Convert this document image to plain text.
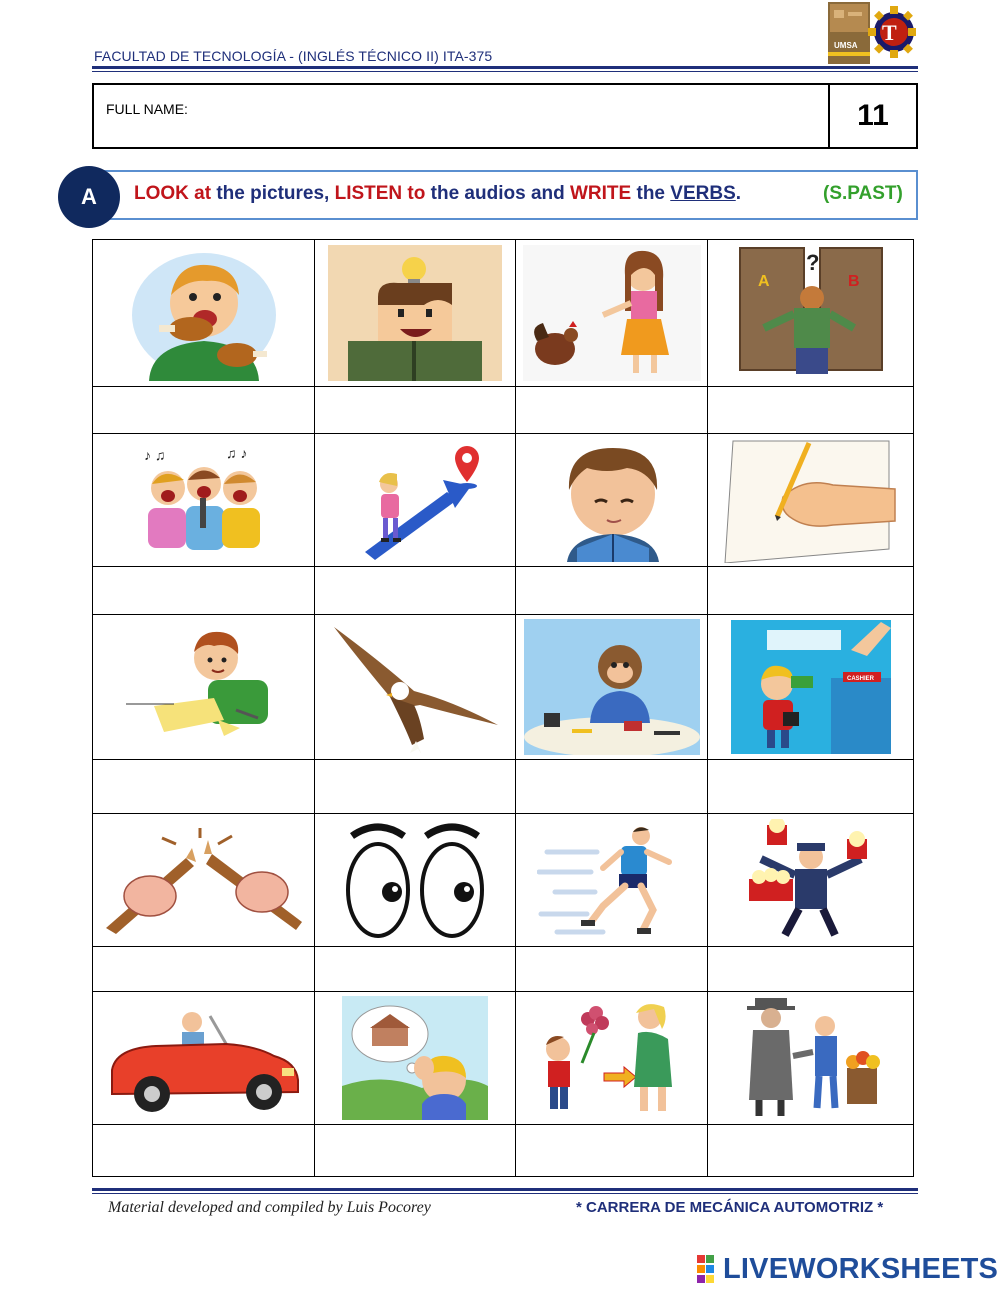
FACULTAD DE TECNOLOGÍA - (INGLÉS TÉCNICO II) ITA-375
UMSA
T
FULL NAME:	11
A	LOOK at the pictures, LISTEN to the audios and WRITE the VERBS.	(S.PAST)
A	B
?
♪ ♫	♫ ♪
CASHIER
Material developed and compiled by Luis Pocorey	* CARRERA DE MECÁNICA AUTOMOTRIZ *
LIVEWORKSHEETS
